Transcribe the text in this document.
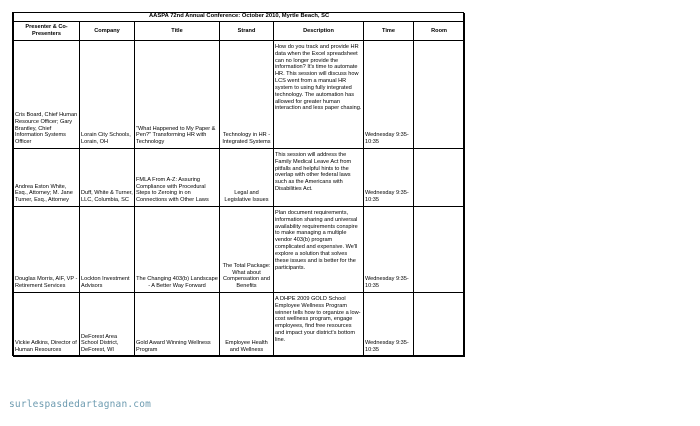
AASPA 72nd Annual Conference: October 2010, Myrtle Beach, SC						
Presenter & Co-Presenters	Company	Title	Strand	Description	Time	Room
Cris Board, Chief Human Resource Officer; Gary Brantley, Chief Information Systems Officer	Lorain City Schools, Lorain, OH	"What Happened to My Paper & Pen?" Transforming HR with Technology	Technology in HR - Integrated Systems	How do you track and provide HR data when the Excel spreadsheet can no longer provide the information? It's time to automate HR. This session will discuss how LCS went from a manual HR system to using fully integrated technology. The automation has allowed for greater human interaction and less paper chasing.	Wednesday 9:35-10:35	
Andrea Eston White, Esq., Attorney; M. Jane Turner, Esq., Attorney	Duff, White & Turner, LLC, Columbia, SC	FMLA From A-Z: Assuring Compliance with Procedural Steps to Zeroing in on Connections with Other Laws	Legal and Legislative Issues	This session will address the Family Medical Leave Act from pitfalls and helpful hints to the overlap with other federal laws such as the Americans with Disabilities Act.	Wednesday 9:35-10:35	
Douglas Morris, AIF, VP - Retirement Services	Lockton Investment Advisors	The Changing 403(b) Landscape - A Better Way Forward	The Total Package: What about Compensation and Benefits	Plan document requirements, information sharing and universal availability requirements conspire to make managing a multiple vendor 403(b) program complicated and expensive. We'll explore a solution that solves these issues and is better for the participants.	Wednesday 9:35-10:35	
Vickie Adkins, Director of Human Resources	DeForest Area School District, DeForest, WI	Gold Award Winning Wellness Program	Employee Health and Wellness	A DHPE 2009 GOLD School Employee Wellness Program winner tells how to organize a low-cost wellness program, engage employees, find free resources and impact your district's bottom line.	Wednesday 9:35-10:35	
surlespasdedartagnan.com
